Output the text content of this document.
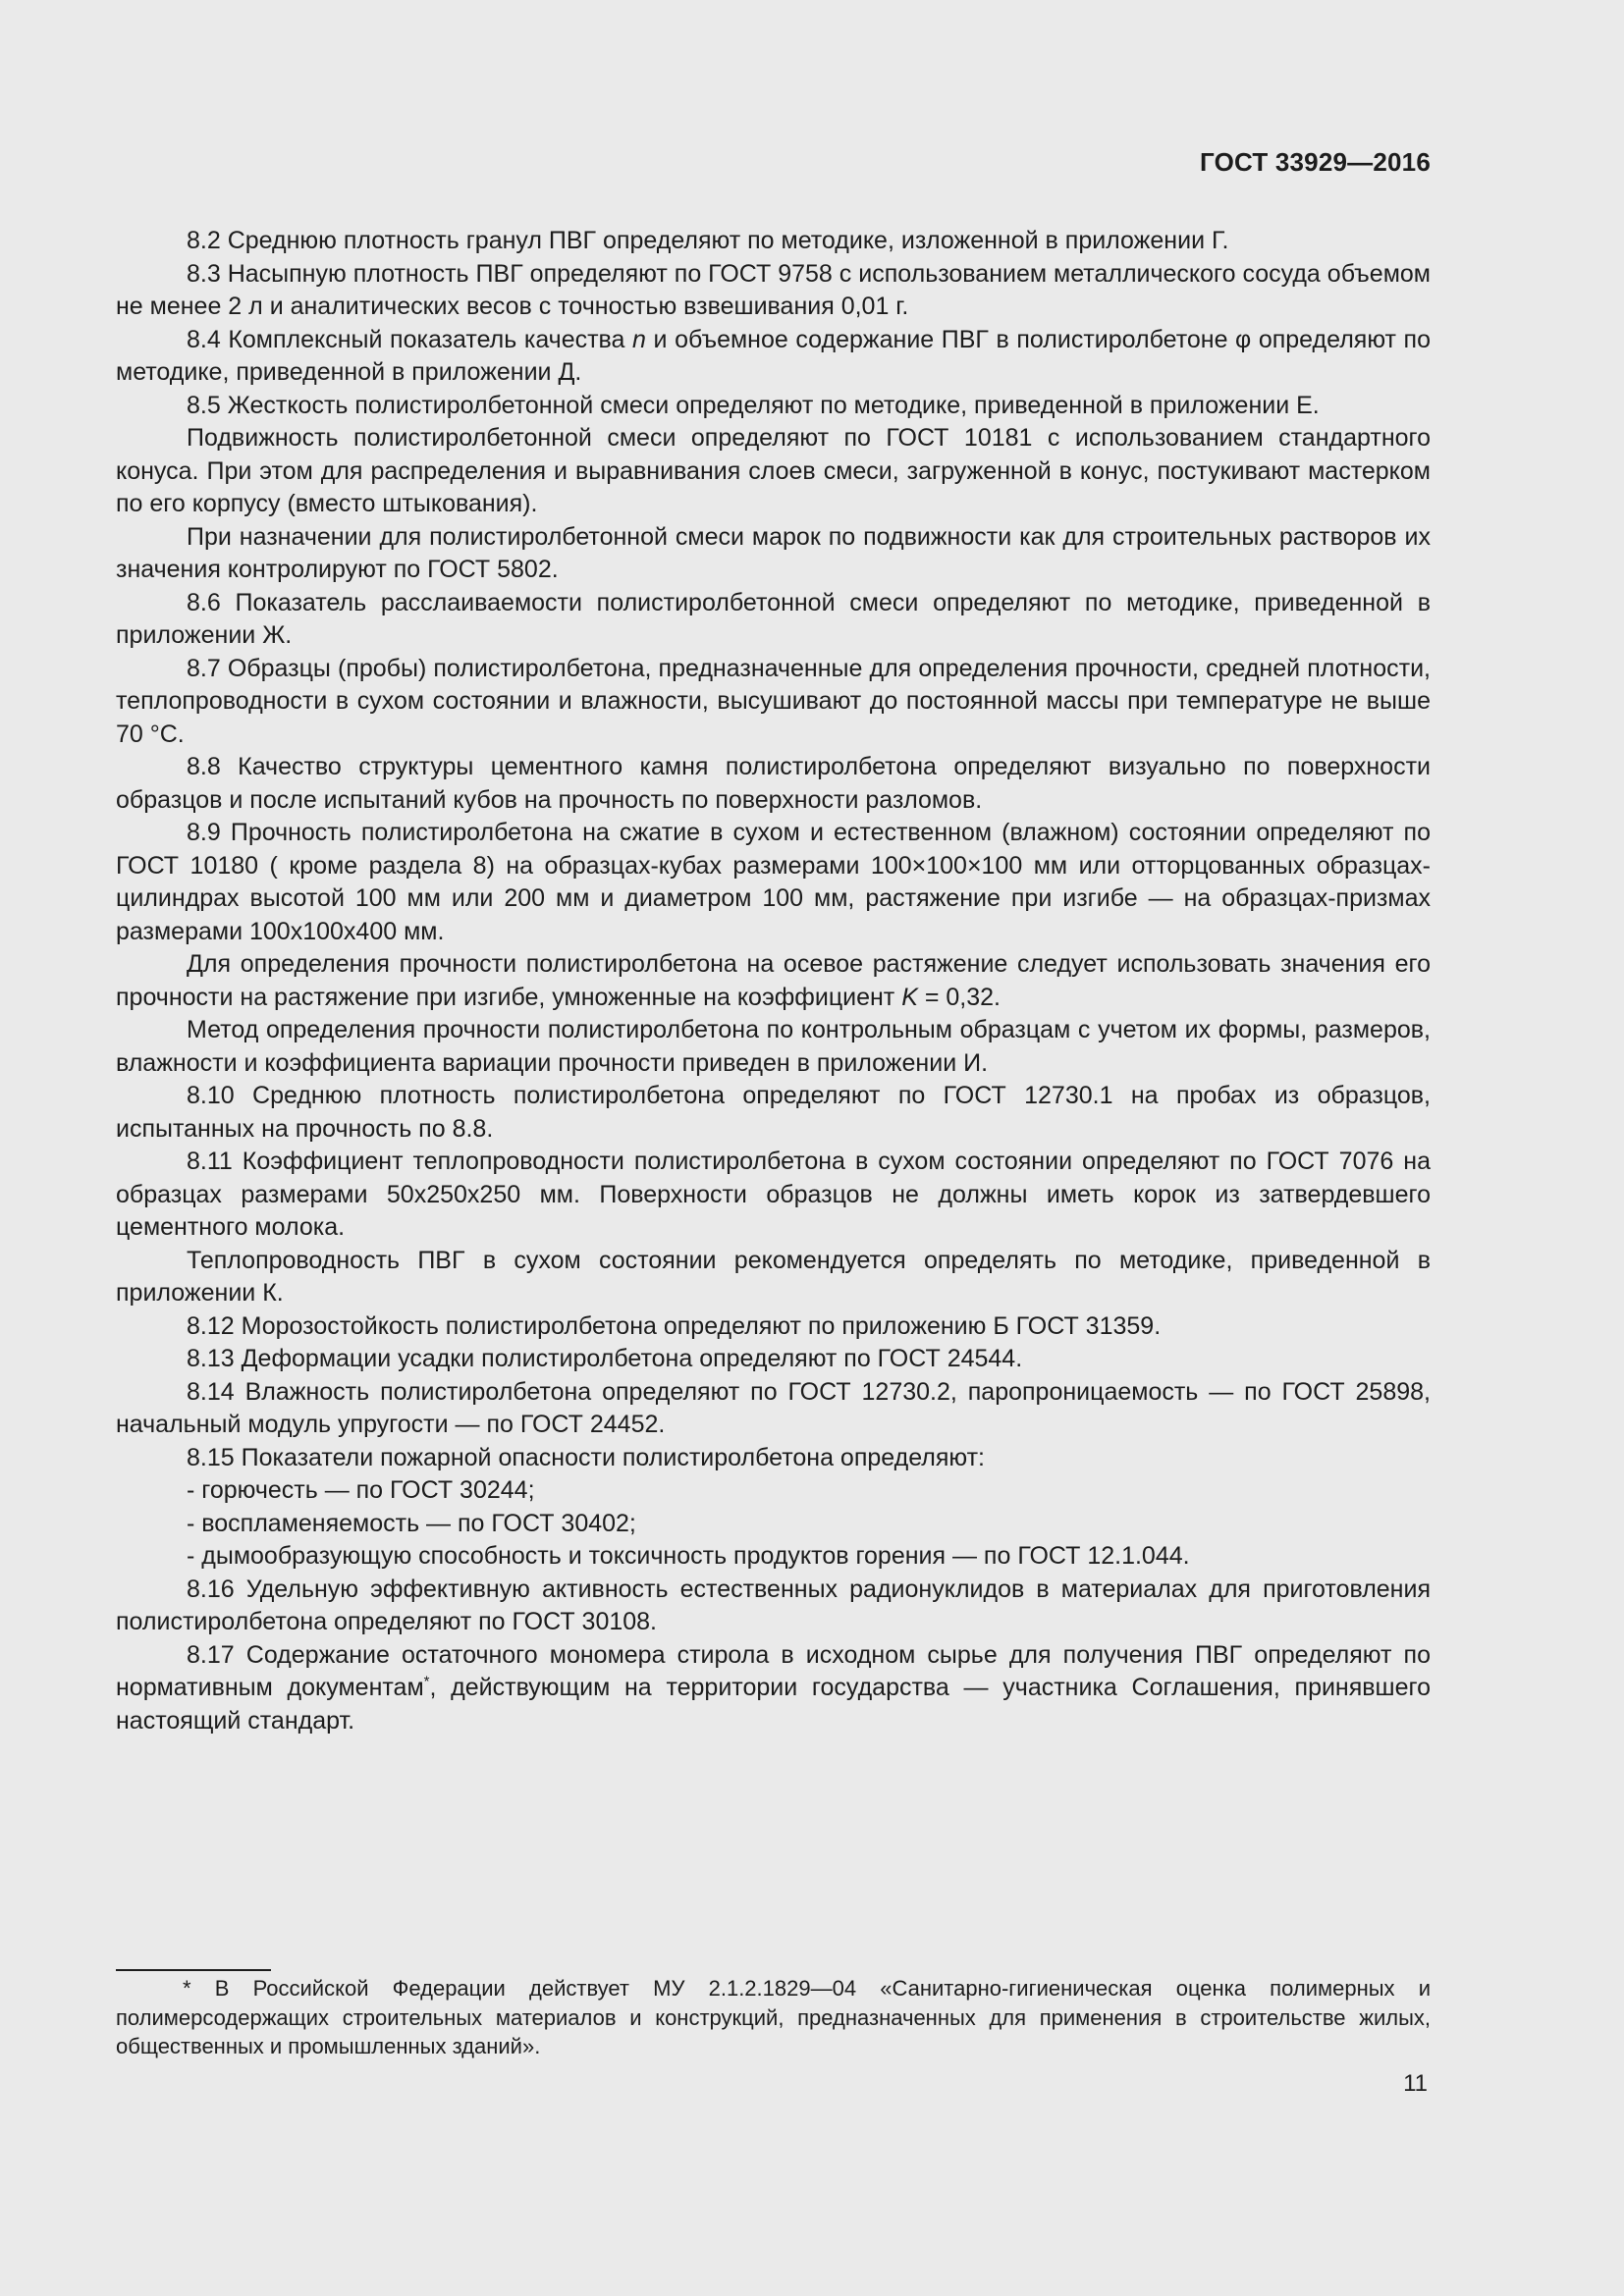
ГОСТ 33929—2016

8.2 Среднюю плотность гранул ПВГ определяют по методике, изложенной в приложении Г.

8.3 Насыпную плотность ПВГ определяют по ГОСТ 9758 с использованием металлического сосуда объемом не менее 2 л и аналитических весов с точностью взвешивания 0,01 г.

8.4 Комплексный показатель качества n и объемное содержание ПВГ в полистиролбетоне φ определяют по методике, приведенной в приложении Д.

8.5 Жесткость полистиролбетонной смеси определяют по методике, приведенной в приложении Е.

Подвижность полистиролбетонной смеси определяют по ГОСТ 10181 с использованием стандартного конуса. При этом для распределения и выравнивания слоев смеси, загруженной в конус, постукивают мастерком по его корпусу (вместо штыкования).

При назначении для полистиролбетонной смеси марок по подвижности как для строительных растворов их значения контролируют по ГОСТ 5802.

8.6 Показатель расслаиваемости полистиролбетонной смеси определяют по методике, приведенной в приложении Ж.

8.7 Образцы (пробы) полистиролбетона, предназначенные для определения прочности, средней плотности, теплопроводности в сухом состоянии и влажности, высушивают до постоянной массы при температуре не выше 70 °С.

8.8 Качество структуры цементного камня полистиролбетона определяют визуально по поверхности образцов и после испытаний кубов на прочность по поверхности разломов.

8.9 Прочность полистиролбетона на сжатие в сухом и естественном (влажном) состоянии определяют по ГОСТ 10180 ( кроме раздела 8) на образцах-кубах размерами 100×100×100 мм или отторцованных образцах-цилиндрах высотой 100 мм или 200 мм и диаметром 100 мм, растяжение при изгибе — на образцах-призмах размерами 100x100x400 мм.

Для определения прочности полистиролбетона на осевое растяжение следует использовать значения его прочности на растяжение при изгибе, умноженные на коэффициент K = 0,32.

Метод определения прочности полистиролбетона по контрольным образцам с учетом их формы, размеров, влажности и коэффициента вариации прочности приведен в приложении И.

8.10 Среднюю плотность полистиролбетона определяют по ГОСТ 12730.1 на пробах из образцов, испытанных на прочность по 8.8.

8.11 Коэффициент теплопроводности полистиролбетона в сухом состоянии определяют по ГОСТ 7076 на образцах размерами 50x250x250 мм. Поверхности образцов не должны иметь корок из затвердевшего цементного молока.

Теплопроводность ПВГ в сухом состоянии рекомендуется определять по методике, приведенной в приложении К.

8.12 Морозостойкость полистиролбетона определяют по приложению Б ГОСТ 31359.

8.13 Деформации усадки полистиролбетона определяют по ГОСТ 24544.

8.14 Влажность полистиролбетона определяют по ГОСТ 12730.2, паропроницаемость — по ГОСТ 25898, начальный модуль упругости — по ГОСТ 24452.

8.15 Показатели пожарной опасности полистиролбетона определяют:

- горючесть — по ГОСТ 30244;

- воспламеняемость — по ГОСТ 30402;

- дымообразующую способность и токсичность продуктов горения — по ГОСТ 12.1.044.

8.16 Удельную эффективную активность естественных радионуклидов в материалах для приготовления полистиролбетона определяют по ГОСТ 30108.

8.17 Содержание остаточного мономера стирола в исходном сырье для получения ПВГ определяют по нормативным документам*, действующим на территории государства — участника Соглашения, принявшего настоящий стандарт.

* В Российской Федерации действует МУ 2.1.2.1829—04 «Санитарно-гигиеническая оценка полимерных и полимерсодержащих строительных материалов и конструкций, предназначенных для применения в строительстве жилых, общественных и промышленных зданий».

11
